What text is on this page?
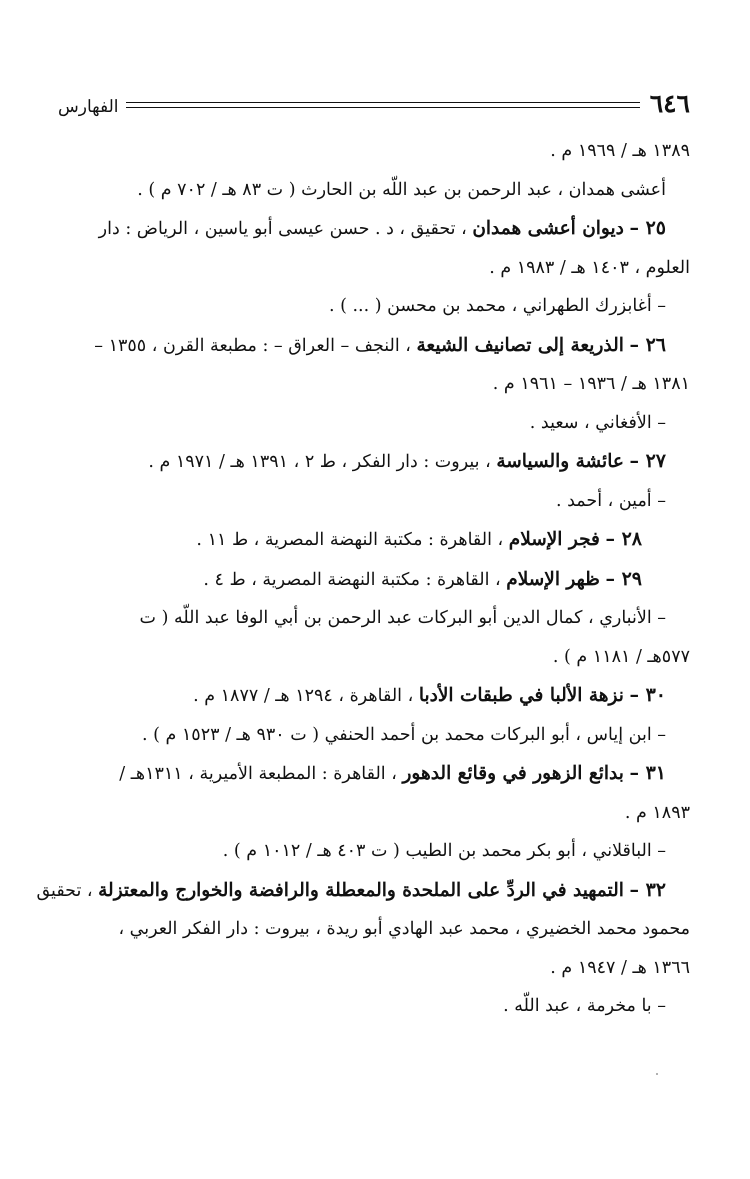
٦٤٦
الفهارس
١٣٨٩ هـ / ١٩٦٩ م .
أعشى همدان ، عبد الرحمن بن عبد اللّه بن الحارث ( ت ٨٣ هـ / ٧٠٢ م ) .
٢٥ – ديوان أعشى همدان ، تحقيق ، د . حسن عيسى أبو ياسين ، الرياض : دار
العلوم ، ١٤٠٣ هـ / ١٩٨٣ م .
– أغابزرك الطهراني ، محمد بن محسن ( ... ) .
٢٦ – الذريعة إلى تصانيف الشيعة ، النجف – العراق – : مطبعة القرن ، ١٣٥٥ –
١٣٨١ هـ / ١٩٣٦ – ١٩٦١ م .
– الأفغاني ، سعيد .
٢٧ – عائشة والسياسة ، بيروت : دار الفكر ، ط ٢ ، ١٣٩١ هـ / ١٩٧١ م .
– أمين ، أحمد .
٢٨ – فجر الإسلام ، القاهرة : مكتبة النهضة المصرية ، ط ١١ .
٢٩ – ظهر الإسلام ، القاهرة : مكتبة النهضة المصرية ، ط ٤ .
– الأنباري ، كمال الدين أبو البركات عبد الرحمن بن أبي الوفا عبد اللّه ( ت
٥٧٧هـ / ١١٨١ م ) .
٣٠ – نزهة الألبا في طبقات الأدبا ، القاهرة ، ١٢٩٤ هـ / ١٨٧٧ م .
– ابن إياس ، أبو البركات محمد بن أحمد الحنفي ( ت ٩٣٠ هـ / ١٥٢٣ م ) .
٣١ – بدائع الزهور في وقائع الدهور ، القاهرة : المطبعة الأميرية ، ١٣١١هـ /
١٨٩٣ م .
– الباقلاني ، أبو بكر محمد بن الطيب ( ت ٤٠٣ هـ / ١٠١٢ م ) .
٣٢ – التمهيد في الردِّ على الملحدة والمعطلة والرافضة والخوارج والمعتزلة ، تحقيق
محمود محمد الخضيري ، محمد عبد الهادي أبو ريدة ، بيروت : دار الفكر العربي ،
١٣٦٦ هـ / ١٩٤٧ م .
– با مخرمة ، عبد اللّه .
